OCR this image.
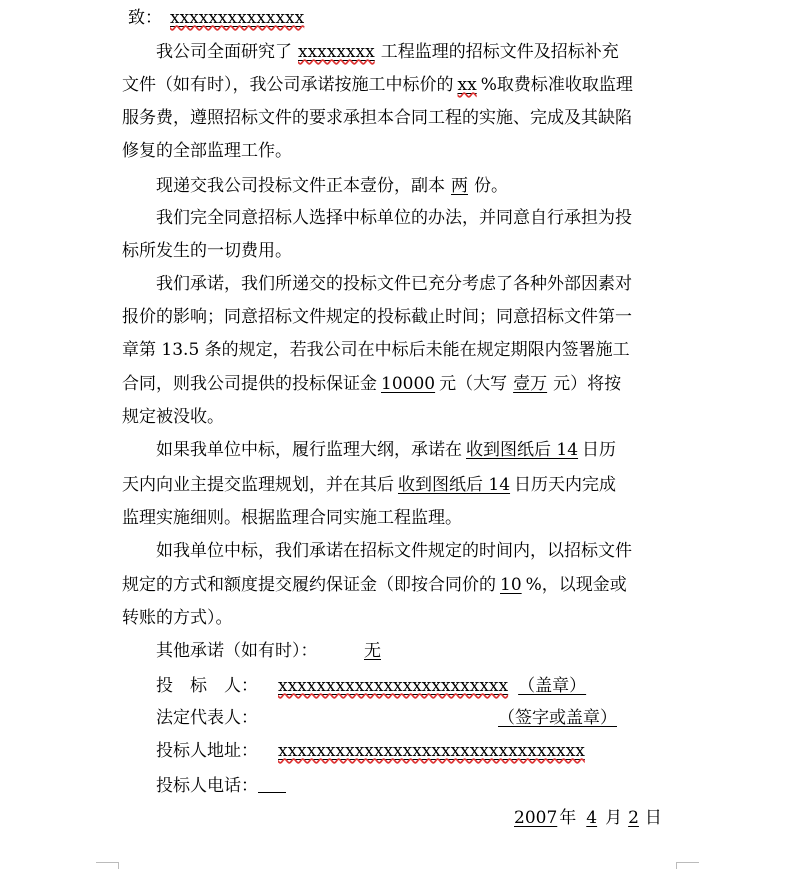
致： xxxxxxxxxxxxxx
我公司全面研究了 xxxxxxxx 工程监理的招标文件及招标补充
文件（如有时），我公司承诺按施工中标价的 xx %取费标准收取监理
服务费，遵照招标文件的要求承担本合同工程的实施、完成及其缺陷
修复的全部监理工作。
现递交我公司投标文件正本壹份，副本 两 份。
我们完全同意招标人选择中标单位的办法，并同意自行承担为投
标所发生的一切费用。
我们承诺，我们所递交的投标文件已充分考虑了各种外部因素对
报价的影响；同意招标文件规定的投标截止时间；同意招标文件第一
章第 13.5 条的规定，若我公司在中标后未能在规定期限内签署施工
合同，则我公司提供的投标保证金 10000 元（大写 壹万 元）将按
规定被没收。
如果我单位中标，履行监理大纲，承诺在 收到图纸后 14 日历
天内向业主提交监理规划，并在其后 收到图纸后 14 日历天内完成
监理实施细则。根据监理合同实施工程监理。
如我单位中标，我们承诺在招标文件规定的时间内，以招标文件
规定的方式和额度提交履约保证金（即按合同价的 10 %，以现金或
转账的方式）。
其他承诺（如有时）：	无
投　标　人： xxxxxxxxxxxxxxxxxxxxxxxx （盖章）
法定代表人：	（签字或盖章）
投标人地址： xxxxxxxxxxxxxxxxxxxxxxxxxxxxxxxx
投标人电话：
2007 年 4 月 2 日
